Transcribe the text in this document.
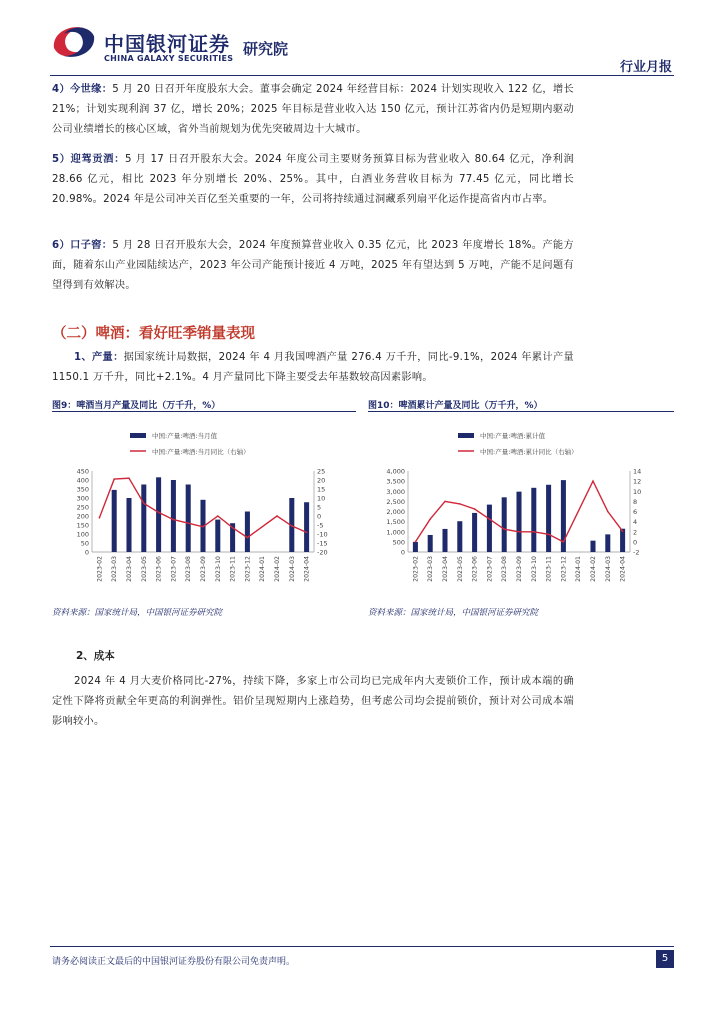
中国银河证券
CHINA GALAXY SECURITIES
研究院
行业月报
4）今世缘：5 月 20 日召开年度股东大会。董事会确定 2024 年经营目标：2024 计划实现收入 122 亿，增长 21%；计划实现利润 37 亿，增长 20%；2025 年目标是营业收入达 150 亿元，预计江苏省内仍是短期内驱动公司业绩增长的核心区域，省外当前规划为优先突破周边十大城市。
5）迎驾贡酒：5 月 17 日召开股东大会。2024 年度公司主要财务预算目标为营业收入 80.64 亿元，净利润 28.66 亿元，相比 2023 年分别增长 20%、25%。其中，白酒业务营收目标为 77.45 亿元，同比增长 20.98%。2024 年是公司冲关百亿至关重要的一年，公司将持续通过洞藏系列扇平化运作提高省内市占率。
6）口子窖：5 月 28 日召开股东大会，2024 年度预算营业收入 0.35 亿元，比 2023 年度增长 18%。产能方面，随着东山产业园陆续达产，2023 年公司产能预计接近 4 万吨，2025 年有望达到 5 万吨，产能不足问题有望得到有效解决。
（二）啤酒：看好旺季销量表现
1、产量：据国家统计局数据，2024 年 4 月我国啤酒产量 276.4 万千升，同比-9.1%，2024 年累计产量 1150.1 万千升，同比+2.1%。4 月产量同比下降主要受去年基数较高因素影响。
图9：啤酒当月产量及同比（万千升，%）	图10：啤酒累计产量及同比（万千升，%）
中国:产量:啤酒:当月值
中国:产量:啤酒:当月同比（右轴）
0
50
100
150
200
250
300
350
400
450
-20
-15
-10
-5
0
5
10
15
20
25
2023-02 2023-03 2023-04 2023-05 2023-06 2023-07 2023-08 2023-09 2023-10 2023-11 2023-12 2024-01 2024-02 2024-03 2024-04
中国:产量:啤酒:累计值
中国:产量:啤酒:累计同比（右轴）
0
500
1,000
1,500
2,000
2,500
3,000
3,500
4,000
-2
0
2
4
6
8
10
12
14
2023-02 2023-03 2023-04 2023-05 2023-06 2023-07 2023-08 2023-09 2023-10 2023-11 2023-12 2024-01 2024-02 2024-03 2024-04
资料来源：国家统计局，中国银河证券研究院	资料来源：国家统计局，中国银河证券研究院
2、成本
2024 年 4 月大麦价格同比-27%，持续下降，多家上市公司均已完成年内大麦锁价工作，预计成本端的确定性下降将贡献全年更高的利润弹性。铝价呈现短期内上涨趋势，但考虑公司均会提前锁价，预计对公司成本端影响较小。
请务必阅读正文最后的中国银河证券股份有限公司免责声明。	5
